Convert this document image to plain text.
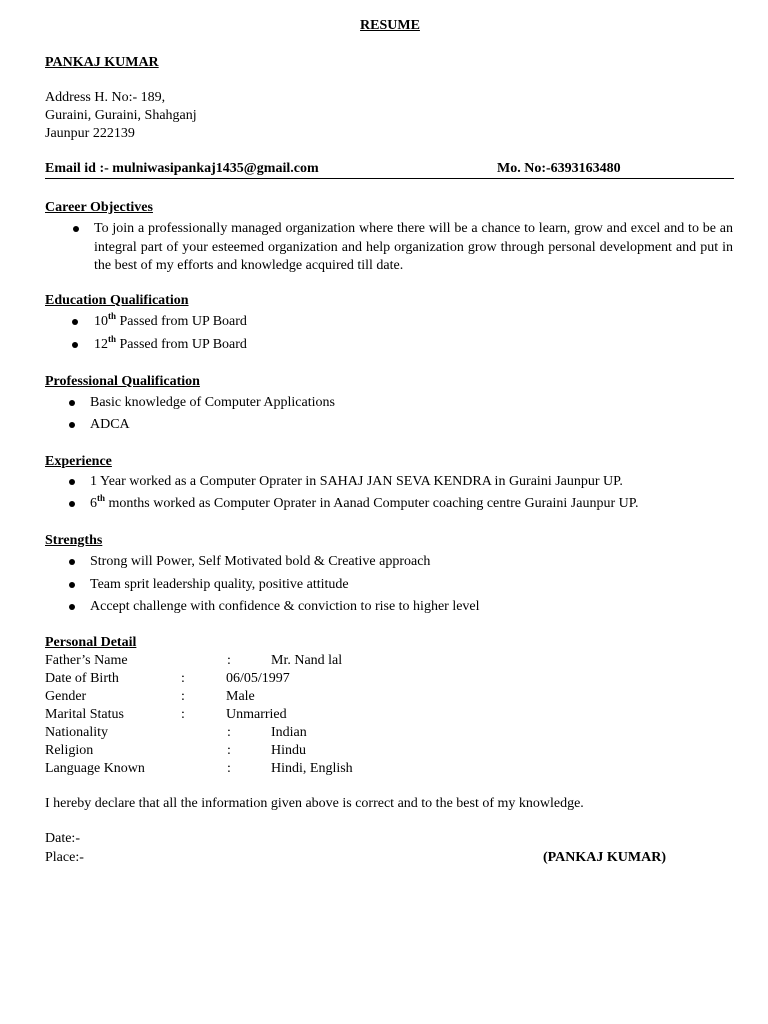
RESUME
PANKAJ KUMAR
Address H. No:- 189,
Guraini, Guraini, Shahganj
Jaunpur 222139
Email id :- mulniwasipankaj1435@gmail.com	Mo. No:-6393163480
Career Objectives
To join a professionally managed organization where there will be a chance to learn, grow and excel and to be an integral part of your esteemed organization and help organization grow through personal development and put in the best of my efforts and knowledge acquired till date.
Education Qualification
10th Passed from UP Board
12th Passed from UP Board
Professional Qualification
Basic knowledge of Computer Applications
ADCA
Experience
1 Year worked as a Computer Oprater in SAHAJ JAN SEVA KENDRA in Guraini Jaunpur UP.
6th months worked as Computer Oprater in Aanad Computer coaching centre Guraini Jaunpur UP.
Strengths
Strong will Power, Self Motivated bold & Creative approach
Team sprit leadership quality, positive attitude
Accept challenge with confidence & conviction to rise to higher level
Personal Detail
Father’s Name	:	Mr. Nand lal
Date of Birth	:	06/05/1997
Gender	:	Male
Marital Status	:	Unmarried
Nationality	:	Indian
Religion	:	Hindu
Language Known	:	Hindi, English
I hereby declare that all the information given above is correct and to the best of my knowledge.
Date:-
Place:-	(PANKAJ KUMAR)
